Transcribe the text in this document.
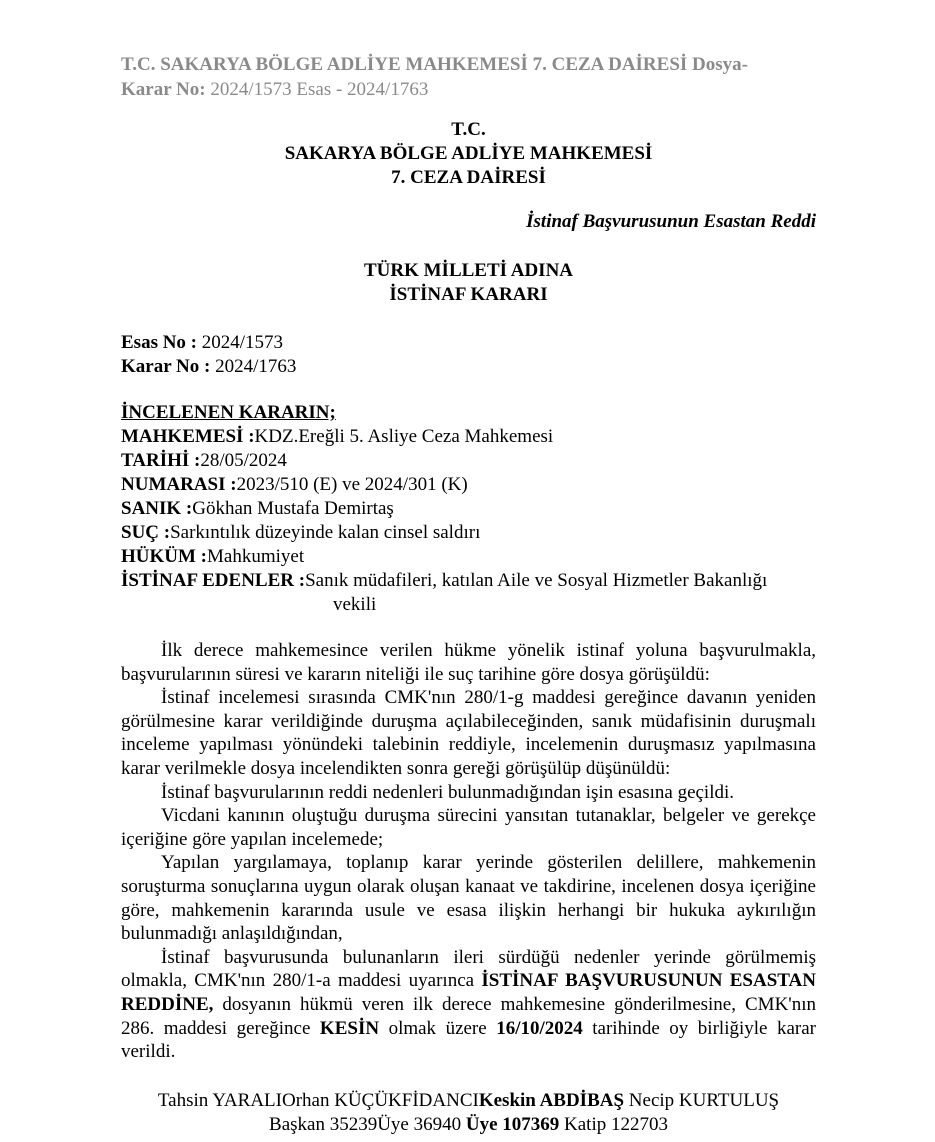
T.C. SAKARYA BÖLGE ADLİYE MAHKEMESİ 7. CEZA DAİRESİ Dosya-
Karar No: 2024/1573 Esas - 2024/1763
T.C.
SAKARYA BÖLGE ADLİYE MAHKEMESİ
7. CEZA DAİRESİ
İstinaf Başvurusunun Esastan Reddi
TÜRK MİLLETİ ADINA
İSTİNAF KARARI
Esas No : 2024/1573
Karar No : 2024/1763
İNCELENEN KARARIN;
MAHKEMESİ :KDZ.Ereğli 5. Asliye Ceza Mahkemesi
TARİHİ :28/05/2024
NUMARASI :2023/510 (E) ve 2024/301 (K)
SANIK :Gökhan Mustafa Demirtaş
SUÇ :Sarkıntılık düzeyinde kalan cinsel saldırı
HÜKÜM :Mahkumiyet
İSTİNAF EDENLER :Sanık müdafileri, katılan Aile ve Sosyal Hizmetler Bakanlığı
vekili

İlk derece mahkemesince verilen hükme yönelik istinaf yoluna başvurulmakla, başvurularının süresi ve kararın niteliği ile suç tarihine göre dosya görüşüldü:

İstinaf incelemesi sırasında CMK'nın 280/1-g maddesi gereğince davanın yeniden görülmesine karar verildiğinde duruşma açılabileceğinden, sanık müdafisinin duruşmalı inceleme yapılması yönündeki talebinin reddiyle, incelemenin duruşmasız yapılmasına karar verilmekle dosya incelendikten sonra gereği görüşülüp düşünüldü:

İstinaf başvurularının reddi nedenleri bulunmadığından işin esasına geçildi.

Vicdani kanının oluştuğu duruşma sürecini yansıtan tutanaklar, belgeler ve gerekçe içeriğine göre yapılan incelemede;

Yapılan yargılamaya, toplanıp karar yerinde gösterilen delillere, mahkemenin soruşturma sonuçlarına uygun olarak oluşan kanaat ve takdirine, incelenen dosya içeriğine göre, mahkemenin kararında usule ve esasa ilişkin herhangi bir hukuka aykırılığın bulunmadığı anlaşıldığından,

İstinaf başvurusunda bulunanların ileri sürdüğü nedenler yerinde görülmemiş olmakla, CMK'nın 280/1-a maddesi uyarınca İSTİNAF BAŞVURUSUNUN ESASTAN REDDİNE, dosyanın hükmü veren ilk derece mahkemesine gönderilmesine, CMK'nın 286. maddesi gereğince KESİN olmak üzere 16/10/2024 tarihinde oy birliğiyle karar verildi.

Tahsin YARALIOrhan KÜÇÜKFİDANCIKeskin ABDİBAŞ Necip KURTULUŞ
Başkan 35239Üye 36940 Üye 107369 Katip 122703
